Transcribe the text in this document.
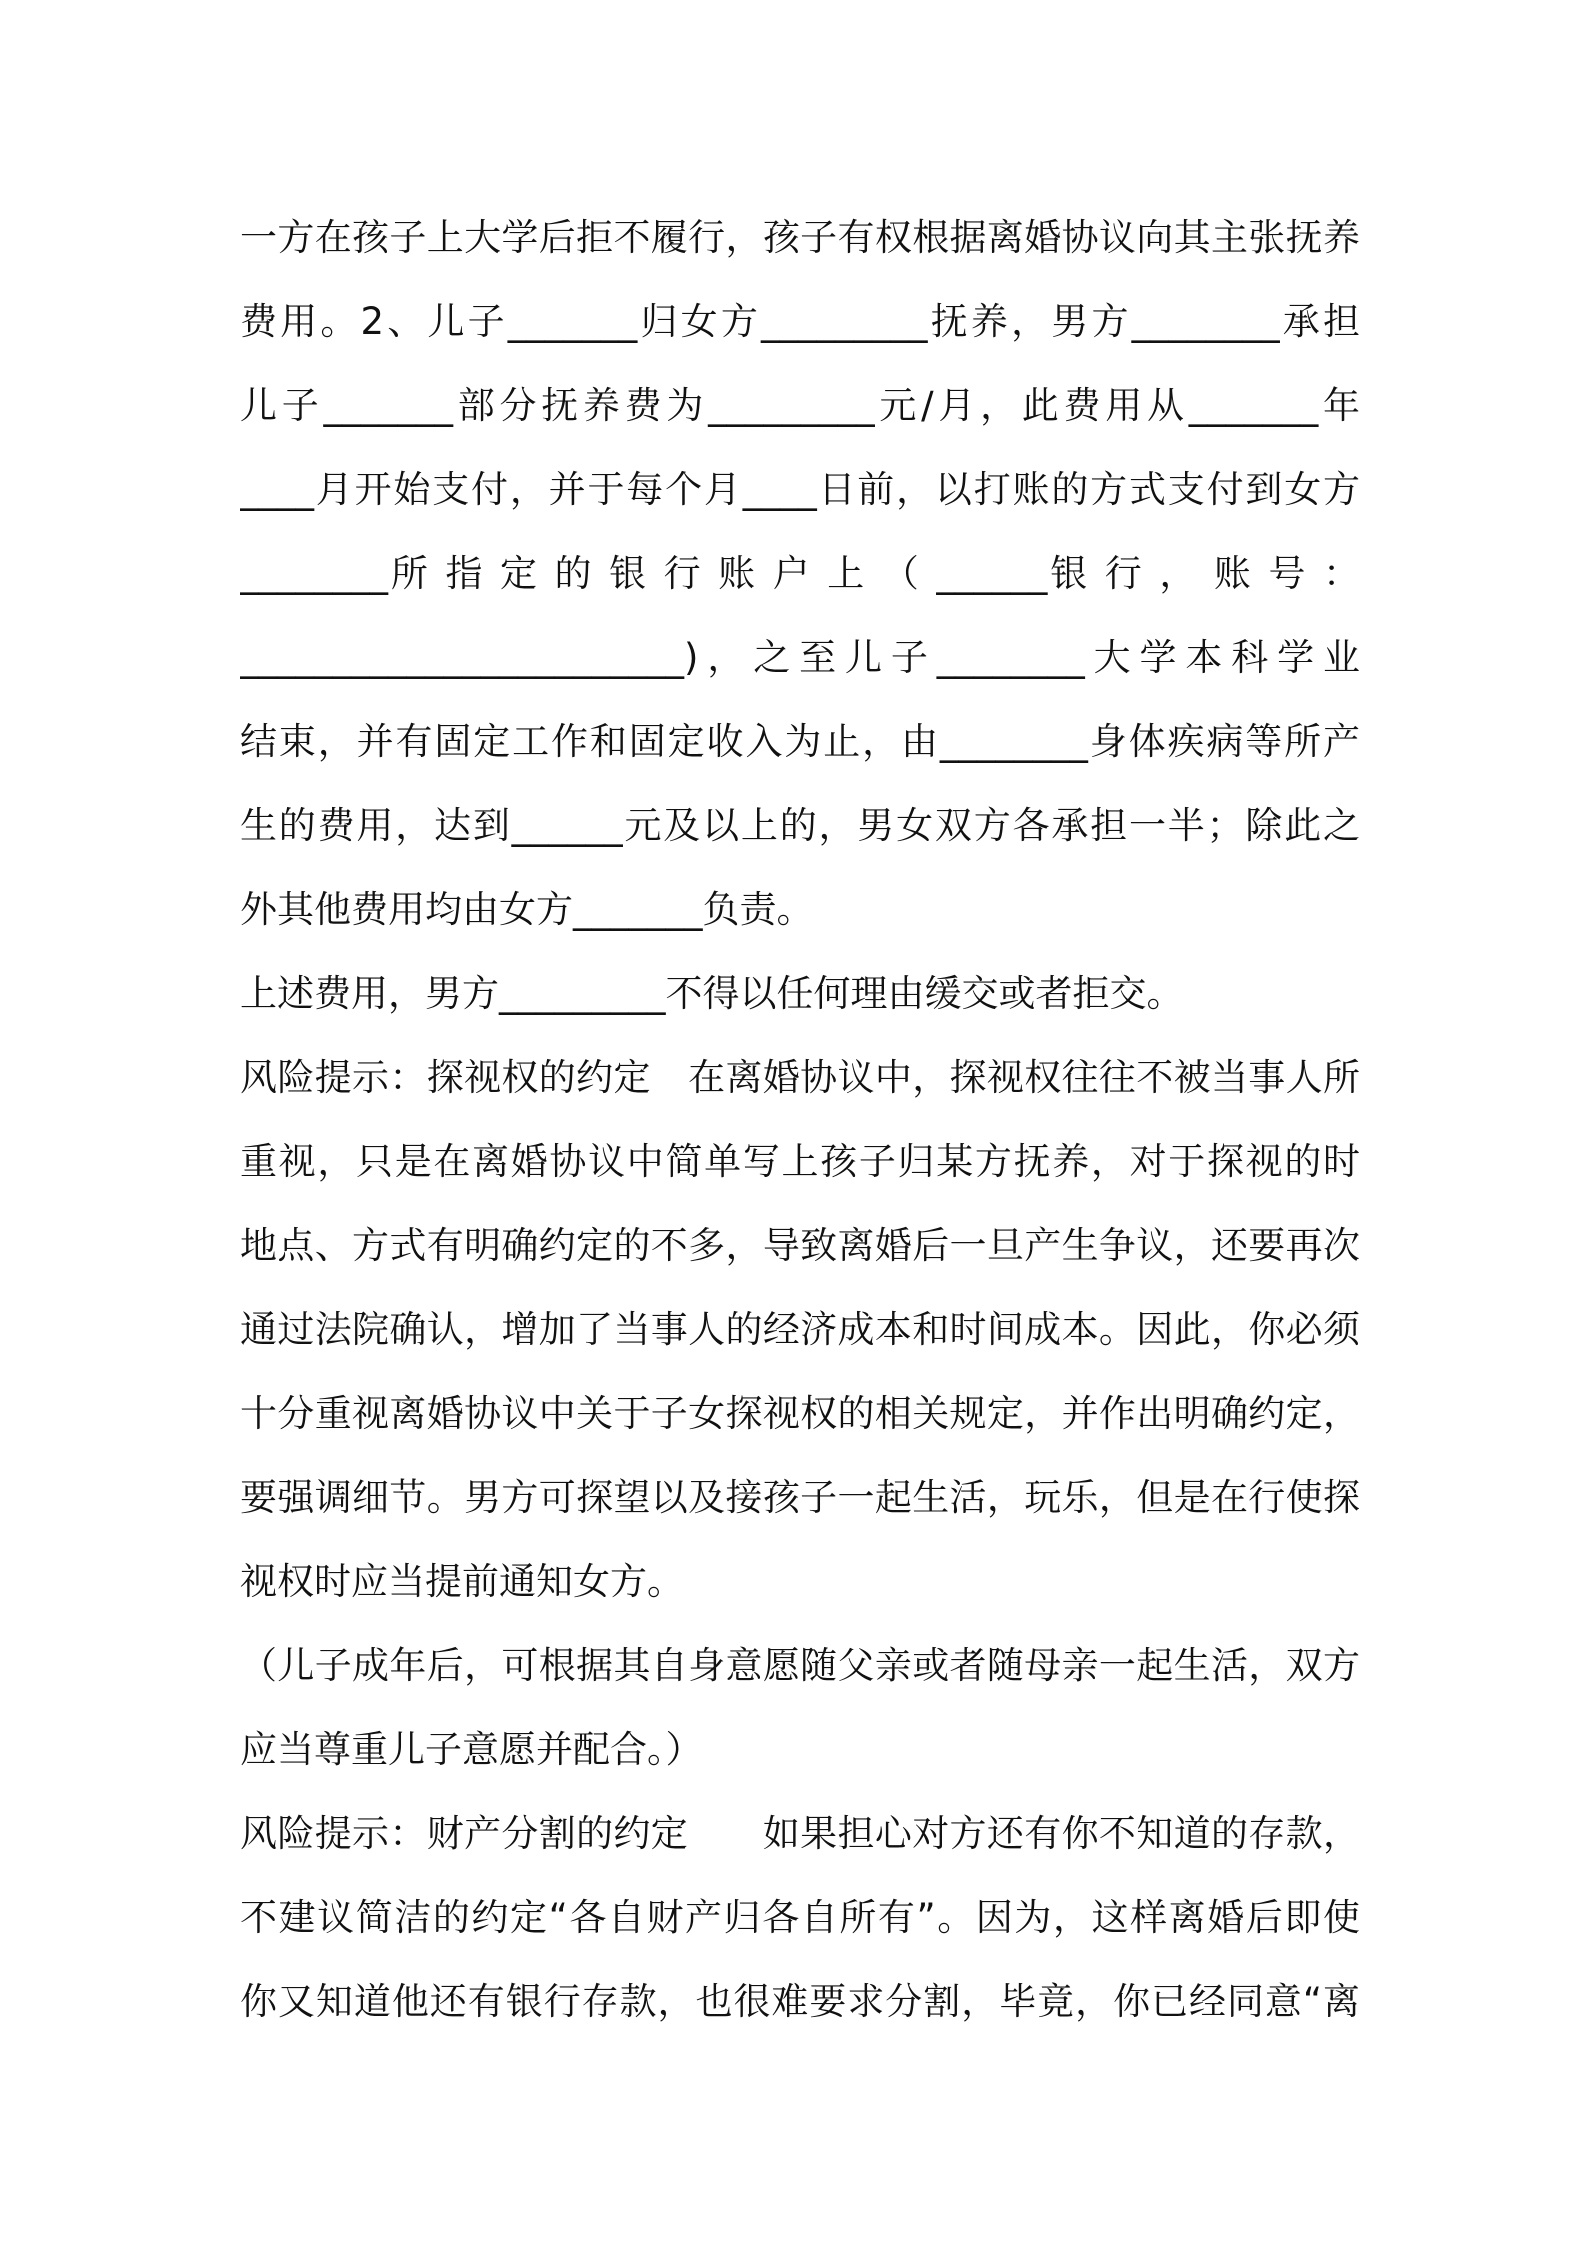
一方在孩子上大学后拒不履行，孩子有权根据离婚协议向其主张抚养
费用。2、儿子_______归女方_________抚养，男方________承担
儿子_______部分抚养费为_________元/月，此费用从_______年
____月开始支付，并于每个月____日前，以打账的方式支付到女方
________所 指 定 的 银 行 账 户 上 （ ______银 行 ， 账 号 ：
________________________)，之至儿子________大学本科学业
结束，并有固定工作和固定收入为止，由________身体疾病等所产
生的费用，达到______元及以上的，男女双方各承担一半；除此之
外其他费用均由女方_______负责。
上述费用，男方_________不得以任何理由缓交或者拒交。
风险提示：探视权的约定　在离婚协议中，探视权往往不被当事人所
重视，只是在离婚协议中简单写上孩子归某方抚养，对于探视的时
地点、方式有明确约定的不多，导致离婚后一旦产生争议，还要再次
通过法院确认，增加了当事人的经济成本和时间成本。因此，你必须
十分重视离婚协议中关于子女探视权的相关规定，并作出明确约定，
要强调细节。男方可探望以及接孩子一起生活，玩乐，但是在行使探
视权时应当提前通知女方。
（儿子成年后，可根据其自身意愿随父亲或者随母亲一起生活，双方
应当尊重儿子意愿并配合。）
风险提示：财产分割的约定　　如果担心对方还有你不知道的存款，
不建议简洁的约定“各自财产归各自所有”。因为，这样离婚后即使
你又知道他还有银行存款，也很难要求分割，毕竟，你已经同意“离
